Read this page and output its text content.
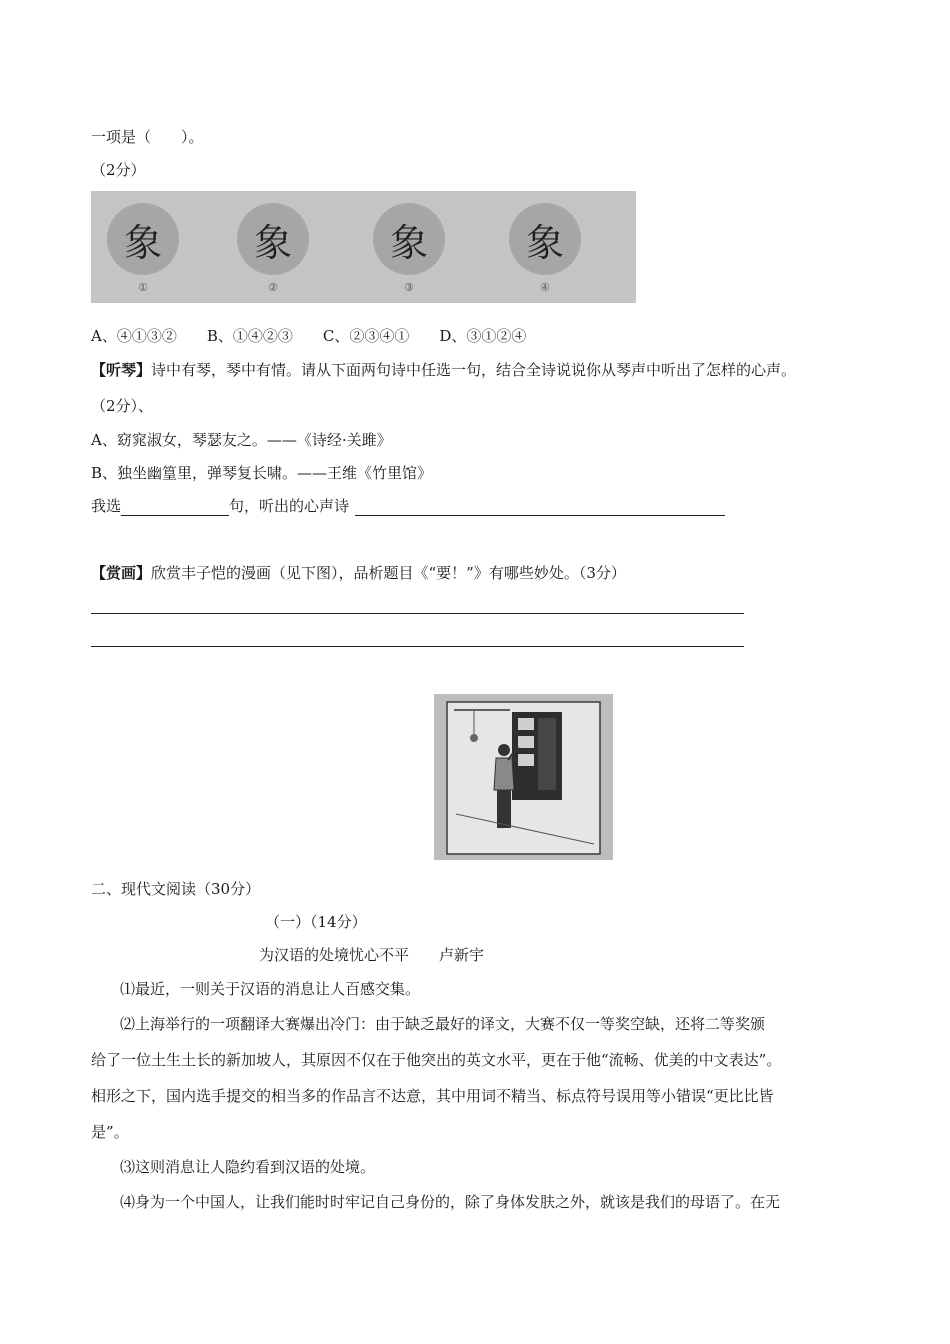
一项是（　　）。
（2分）
象	象	象	象
①	②	③	④
A、④①③②　　B、①④②③　　C、②③④①　　D、③①②④
【听琴】诗中有琴，琴中有情。请从下面两句诗中任选一句，结合全诗说说你从琴声中听出了怎样的心声。
（2分）、
A、窈窕淑女，琴瑟友之。——《诗经·关雎》
B、独坐幽篁里，弹琴复长啸。——王维《竹里馆》
我选	句，听出的心声诗
【赏画】欣赏丰子恺的漫画（见下图），品析题目《“要！”》有哪些妙处。（3分）
二、现代文阅读（30分）
（一）（14分）
为汉语的处境忧心不平　　卢新宇
⑴最近，一则关于汉语的消息让人百感交集。
⑵上海举行的一项翻译大赛爆出冷门：由于缺乏最好的译文，大赛不仅一等奖空缺，还将二等奖颁
给了一位土生土长的新加坡人，其原因不仅在于他突出的英文水平，更在于他“流畅、优美的中文表达”。
相形之下，国内选手提交的相当多的作品言不达意，其中用词不精当、标点符号误用等小错误“更比比皆
是”。
⑶这则消息让人隐约看到汉语的处境。
⑷身为一个中国人，让我们能时时牢记自己身份的，除了身体发肤之外，就该是我们的母语了。在无
